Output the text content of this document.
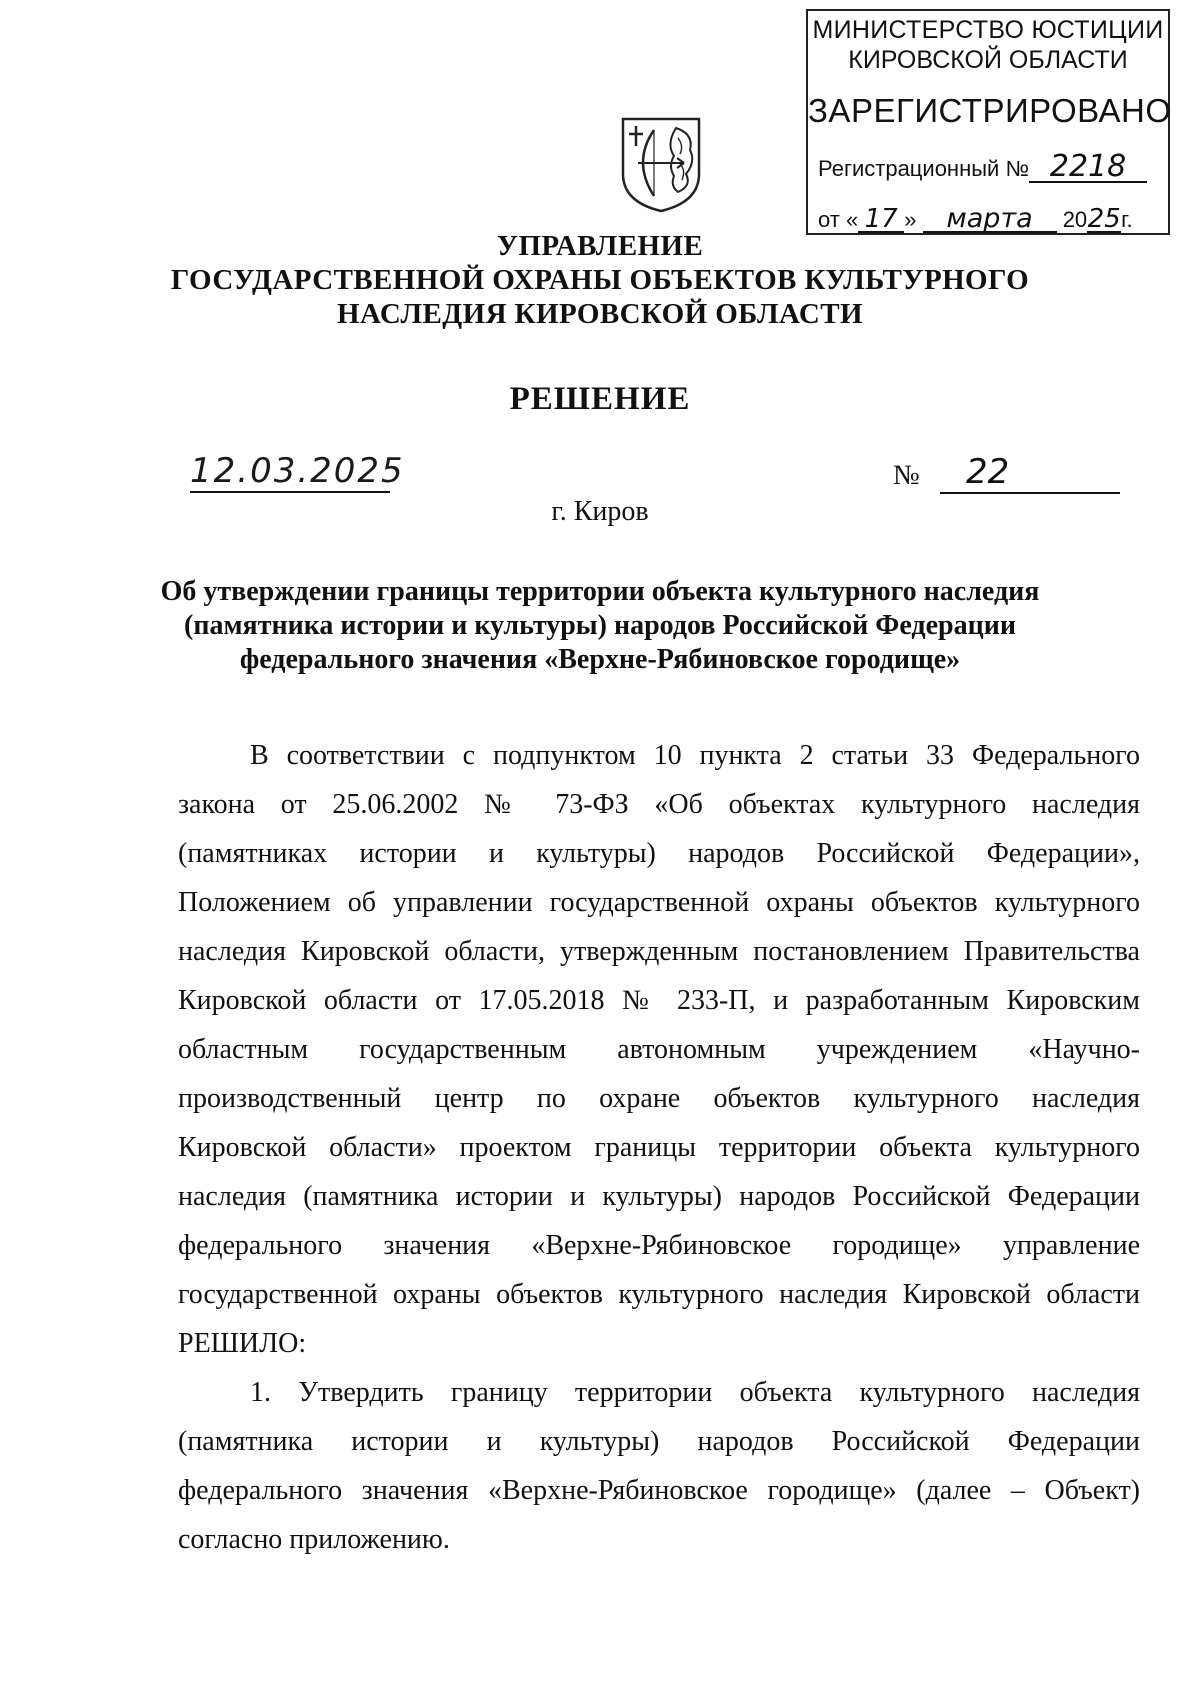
МИНИСТЕРСТВО ЮСТИЦИИ
КИРОВСКОЙ ОБЛАСТИ
ЗАРЕГИСТРИРОВАНО
Регистрационный № 2218
от « 17 » марта 2025г.
УПРАВЛЕНИЕ
ГОСУДАРСТВЕННОЙ ОХРАНЫ ОБЪЕКТОВ КУЛЬТУРНОГО
НАСЛЕДИЯ КИРОВСКОЙ ОБЛАСТИ
РЕШЕНИЕ
12.03.2025	№	22
г. Киров
Об утверждении границы территории объекта культурного наследия
(памятника истории и культуры) народов Российской Федерации
федерального значения «Верхне-Рябиновское городище»
В соответствии с подпунктом 10 пункта 2 статьи 33 Федерального
закона от 25.06.2002 № 73-ФЗ «Об объектах культурного наследия
(памятниках истории и культуры) народов Российской Федерации»,
Положением об управлении государственной охраны объектов культурного
наследия Кировской области, утвержденным постановлением Правительства
Кировской области от 17.05.2018 № 233-П, и разработанным Кировским
областным государственным автономным учреждением «Научно-
производственный центр по охране объектов культурного наследия
Кировской области» проектом границы территории объекта культурного
наследия (памятника истории и культуры) народов Российской Федерации
федерального значения «Верхне-Рябиновское городище» управление
государственной охраны объектов культурного наследия Кировской области
РЕШИЛО:
1. Утвердить границу территории объекта культурного наследия
(памятника истории и культуры) народов Российской Федерации
федерального значения «Верхне-Рябиновское городище» (далее – Объект)
согласно приложению.
